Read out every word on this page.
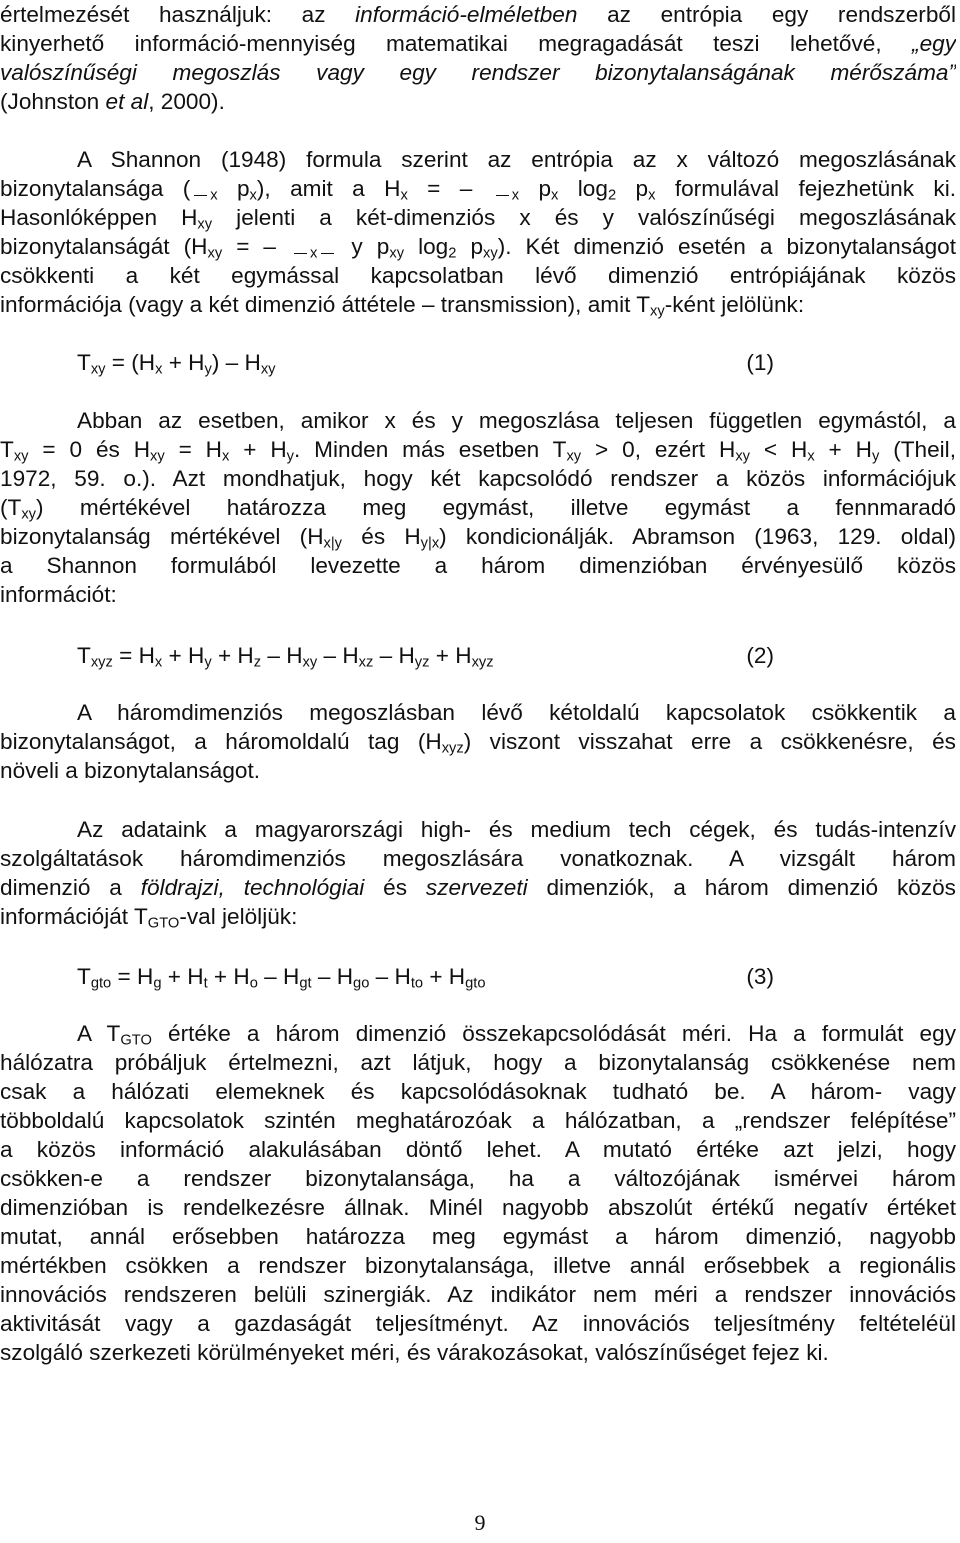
értelmezését használjuk: az információ-elméletben az entrópia egy rendszerből
kinyerhető információ-mennyiség matematikai megragadását teszi lehetővé, „egy
valószínűségi megoszlás vagy egy rendszer bizonytalanságának mérőszáma”
(Johnston et al, 2000).
A Shannon (1948) formula szerint az entrópia az x változó megoszlásának
bizonytalansága ( $_x$ $p_x$), amit a $H_x$ = – $_x$ $p_x$ $\log_2 p_x$ formulával fejezhetünk ki.
Hasonlóképpen $H_{xy}$ jelenti a két-dimenziós x és y valószínűségi megoszlásának
bizonytalanságát ($H_{xy}$ = – $_x$ y $p_{xy}$ $\log_2 p_{xy}$). Két dimenzió esetén a bizonytalanságot
csökkenti a két egymással kapcsolatban lévő dimenzió entrópiájának közös
információja (vagy a két dimenzió áttétele – transmission), amit $T_{xy}$-ként jelölünk:
$T_{xy} = (H_x + H_y) - H_{xy}$	(1)
Abban az esetben, amikor x és y megoszlása teljesen független egymástól, a
$T_{xy} = 0$ és $H_{xy} = H_x + H_y$. Minden más esetben $T_{xy} > 0$, ezért $H_{xy} < H_x + H_y$ (Theil,
1972, 59. o.). Azt mondhatjuk, hogy két kapcsolódó rendszer a közös információjuk
$(T_{xy})$ mértékével határozza meg egymást, illetve egymást a fennmaradó
bizonytalanság mértékével ($H_{x|y}$ és $H_{y|x}$) kondicionálják. Abramson (1963, 129. oldal)
a Shannon formulából levezette a három dimenzióban érvényesülő közös
információt:
$T_{xyz} = H_x + H_y + H_z - H_{xy} - H_{xz} - H_{yz} + H_{xyz}$	(2)
A háromdimenziós megoszlásban lévő kétoldalú kapcsolatok csökkentik a
bizonytalanságot, a háromoldalú tag $(H_{xyz})$ viszont visszahat erre a csökkenésre, és
növeli a bizonytalanságot.
Az adataink a magyarországi high- és medium tech cégek, és tudás-intenzív
szolgáltatások háromdimenziós megoszlására vonatkoznak. A vizsgált három
dimenzió a földrajzi, technológiai és szervezeti dimenziók, a három dimenzió közös
információját $T_{GTO}$-val jelöljük:
$T_{gto} = H_g + H_t + H_o - H_{gt} - H_{go} - H_{to} + H_{gto}$	(3)
A $T_{GTO}$ értéke a három dimenzió összekapcsolódását méri. Ha a formulát egy
hálózatra próbáljuk értelmezni, azt látjuk, hogy a bizonytalanság csökkenése nem
csak a hálózati elemeknek és kapcsolódásoknak tudható be. A három- vagy
többoldalú kapcsolatok szintén meghatározóak a hálózatban, a „rendszer felépítése”
a közös információ alakulásában döntő lehet. A mutató értéke azt jelzi, hogy
csökken-e a rendszer bizonytalansága, ha a változójának ismérvei három
dimenzióban is rendelkezésre állnak. Minél nagyobb abszolút értékű negatív értéket
mutat, annál erősebben határozza meg egymást a három dimenzió, nagyobb
mértékben csökken a rendszer bizonytalansága, illetve annál erősebbek a regionális
innovációs rendszeren belüli szinergiák. Az indikátor nem méri a rendszer innovációs
aktivitását vagy a gazdaságát teljesítményt. Az innovációs teljesítmény feltételéül
szolgáló szerkezeti körülményeket méri, és várakozásokat, valószínűséget fejez ki.
9
